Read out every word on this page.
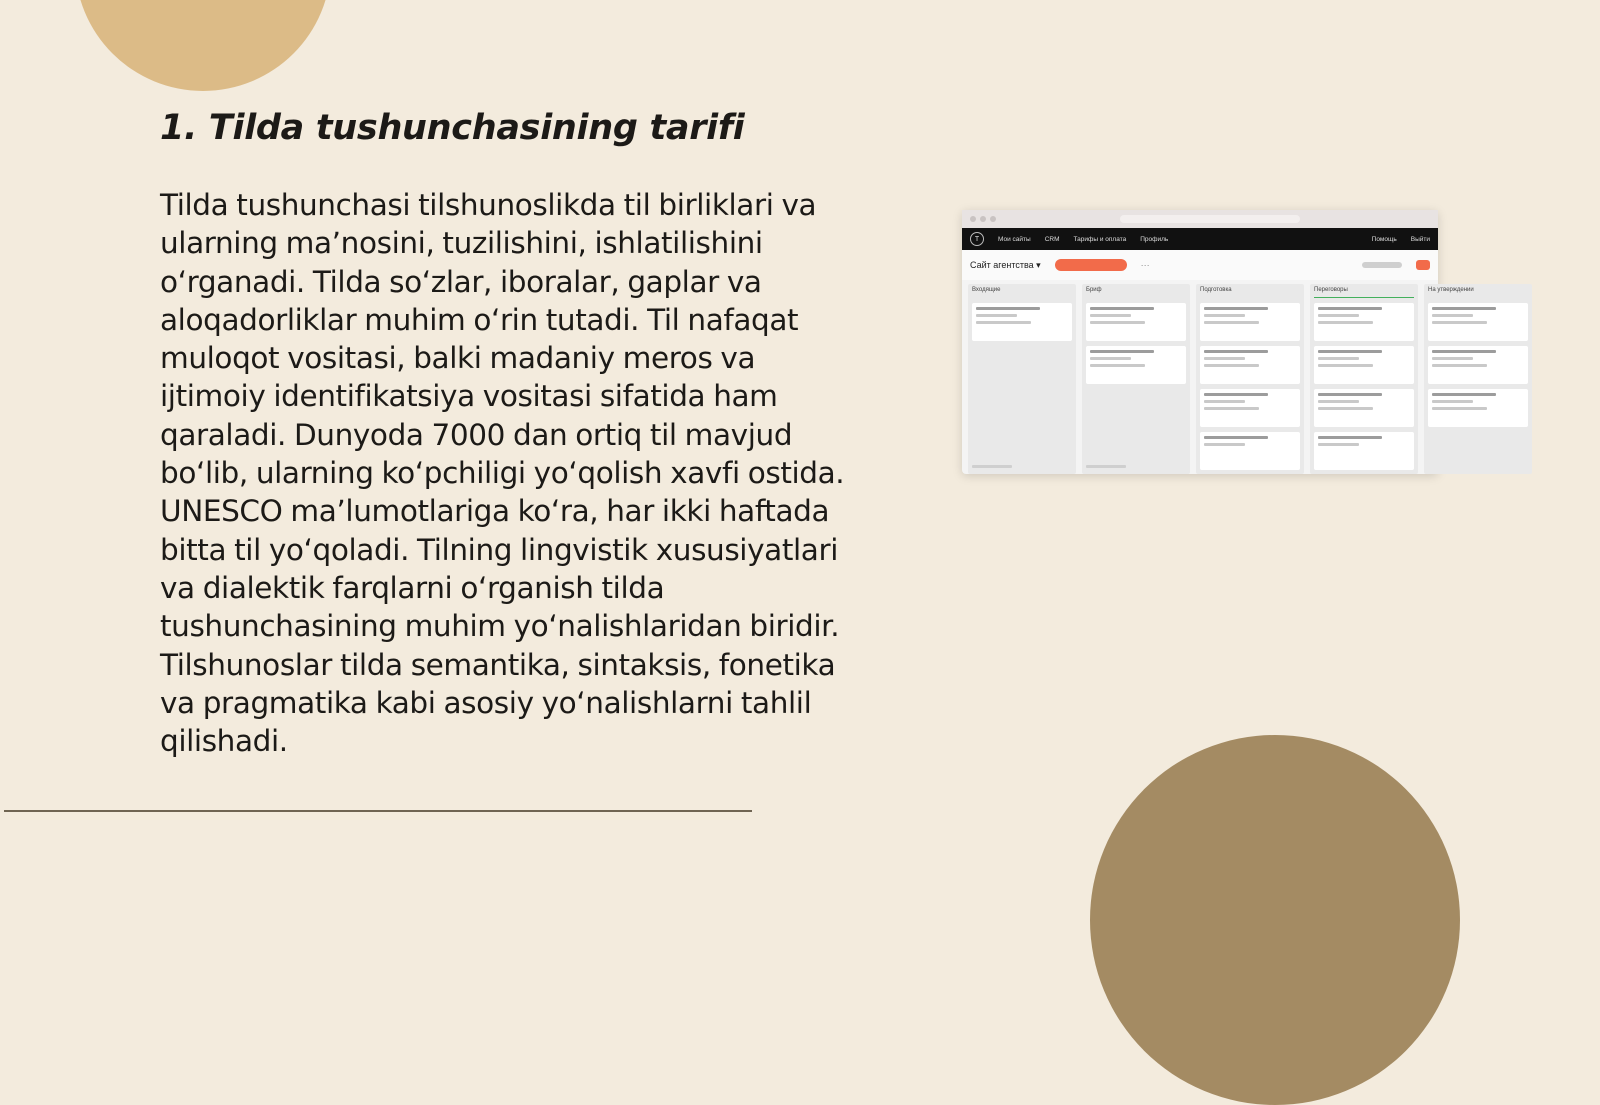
1. Tilda tushunchasining tarifi

Tilda tushunchasi tilshunoslikda til birliklari va ularning ma’nosini, tuzilishini, ishlatilishini o‘rganadi. Tilda so‘zlar, iboralar, gaplar va aloqadorliklar muhim o‘rin tutadi. Til nafaqat muloqot vositasi, balki madaniy meros va ijtimoiy identifikatsiya vositasi sifatida ham qaraladi. Dunyoda 7000 dan ortiq til mavjud bo‘lib, ularning ko‘pchiligi yo‘qolish xavfi ostida. UNESCO ma’lumotlariga ko‘ra, har ikki haftada bitta til yo‘qoladi. Tilning lingvistik xususiyatlari va dialektik farqlarni o‘rganish tilda tushunchasining muhim yo‘nalishlaridan biridir. Tilshunoslar tilda semantika, sintaksis, fonetika va pragmatika kabi asosiy yo‘nalishlarni tahlil qilishadi.

T	Мои сайты CRM Тарифы и оплата Профиль	Помощь Выйти
Сайт агентства ▾	···
Входящие	Бриф	Подготовка	Переговоры	На утверждении
